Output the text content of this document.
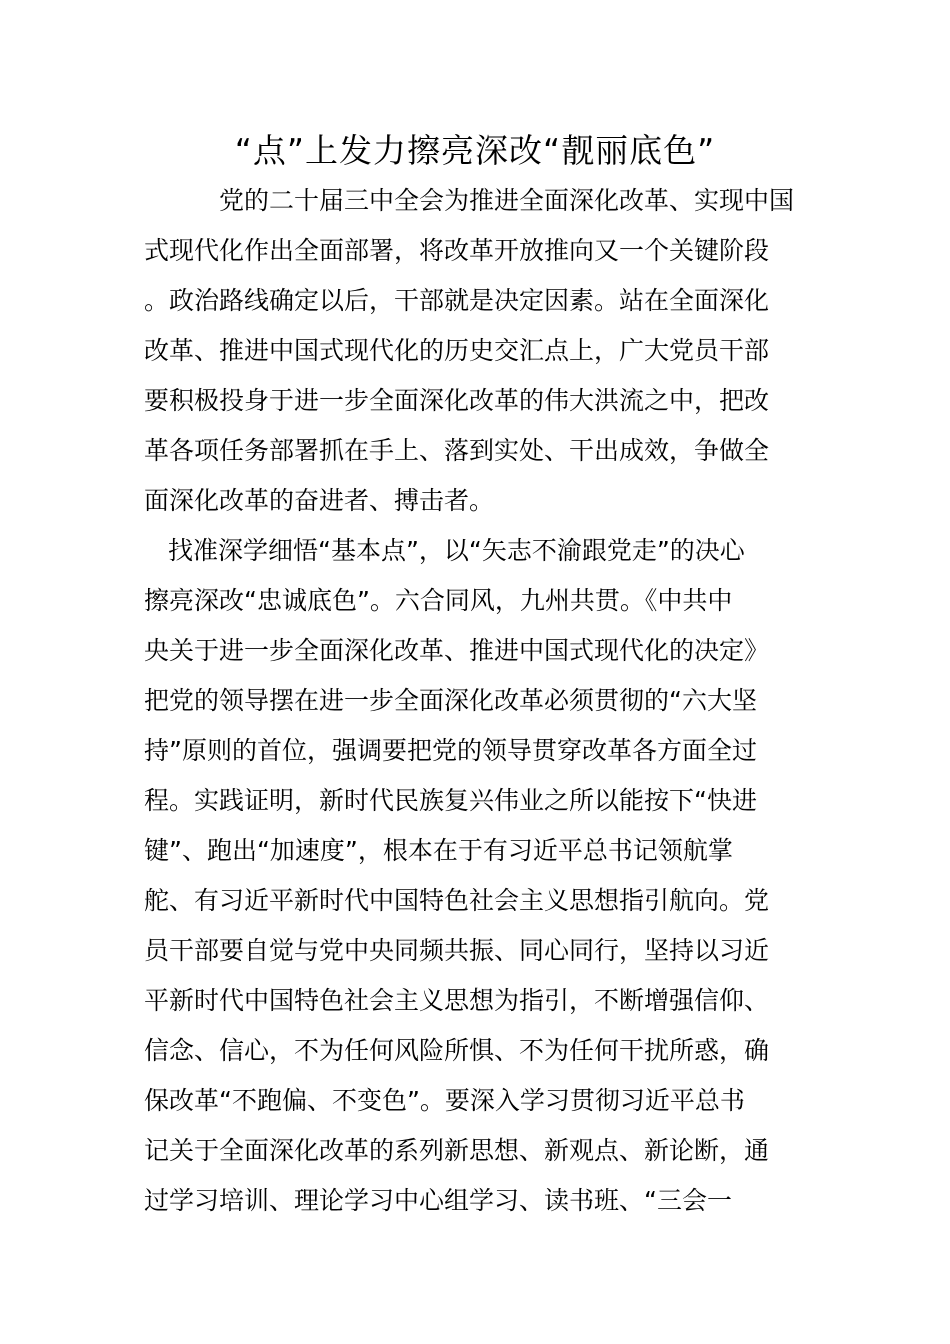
“点”上发力擦亮深改“靓丽底色”
党的二十届三中全会为推进全面深化改革、实现中国
式现代化作出全面部署，将改革开放推向又一个关键阶段
。政治路线确定以后，干部就是决定因素。站在全面深化
改革、推进中国式现代化的历史交汇点上，广大党员干部
要积极投身于进一步全面深化改革的伟大洪流之中，把改
革各项任务部署抓在手上、落到实处、干出成效，争做全
面深化改革的奋进者、搏击者。
找准深学细悟“基本点”，以“矢志不渝跟党走”的决心
擦亮深改“忠诚底色”。六合同风，九州共贯。《中共中
央关于进一步全面深化改革、推进中国式现代化的决定》
把党的领导摆在进一步全面深化改革必须贯彻的“六大坚
持”原则的首位，强调要把党的领导贯穿改革各方面全过
程。实践证明，新时代民族复兴伟业之所以能按下“快进
键”、跑出“加速度”，根本在于有习近平总书记领航掌
舵、有习近平新时代中国特色社会主义思想指引航向。党
员干部要自觉与党中央同频共振、同心同行，坚持以习近
平新时代中国特色社会主义思想为指引，不断增强信仰、
信念、信心，不为任何风险所惧、不为任何干扰所惑，确
保改革“不跑偏、不变色”。要深入学习贯彻习近平总书
记关于全面深化改革的系列新思想、新观点、新论断，通
过学习培训、理论学习中心组学习、读书班、“三会一
